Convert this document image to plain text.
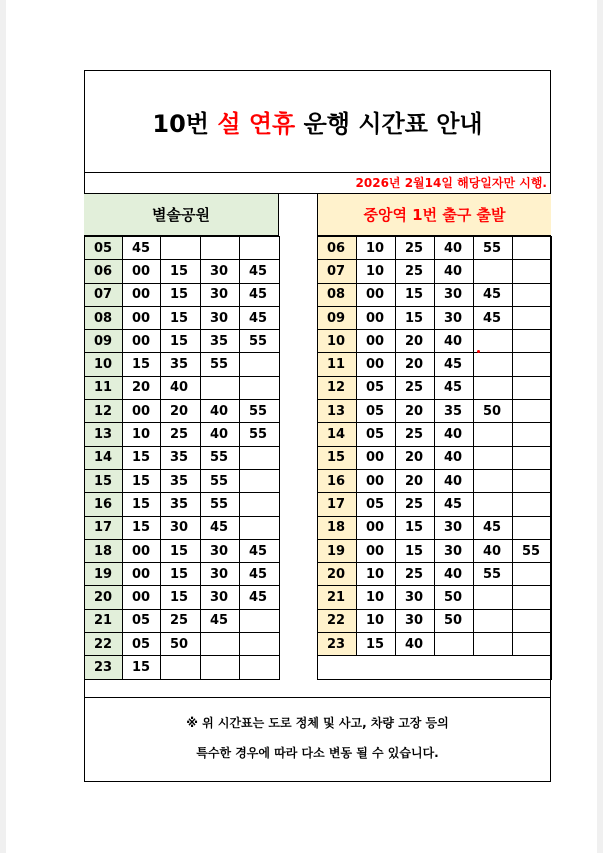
10번 설 연휴 운행 시간표 안내
2026년 2월14일 해당일자만 시행.
별솔공원	중앙역 1번 출구 출발
05	45			
06	00	15	30	45
07	00	15	30	45
08	00	15	30	45
09	00	15	35	55
10	15	35	55	
11	20	40		
12	00	20	40	55
13	10	25	40	55
14	15	35	55	
15	15	35	55	
16	15	35	55	
17	15	30	45	
18	00	15	30	45
19	00	15	30	45
20	00	15	30	45
21	05	25	45	
22	05	50		
23	15			
06	10	25	40	55	
07	10	25	40		
08	00	15	30	45	
09	00	15	30	45	
10	00	20	40		
11	00	20	45		
12	05	25	45		
13	05	20	35	50	
14	05	25	40		
15	00	20	40		
16	00	20	40		
17	05	25	45		
18	00	15	30	45	
19	00	15	30	40	55
20	10	25	40	55	
21	10	30	50		
22	10	30	50		
23	15	40			

※ 위 시간표는 도로 정체 및 사고, 차량 고장 등의
특수한 경우에 따라 다소 변동 될 수 있습니다.
